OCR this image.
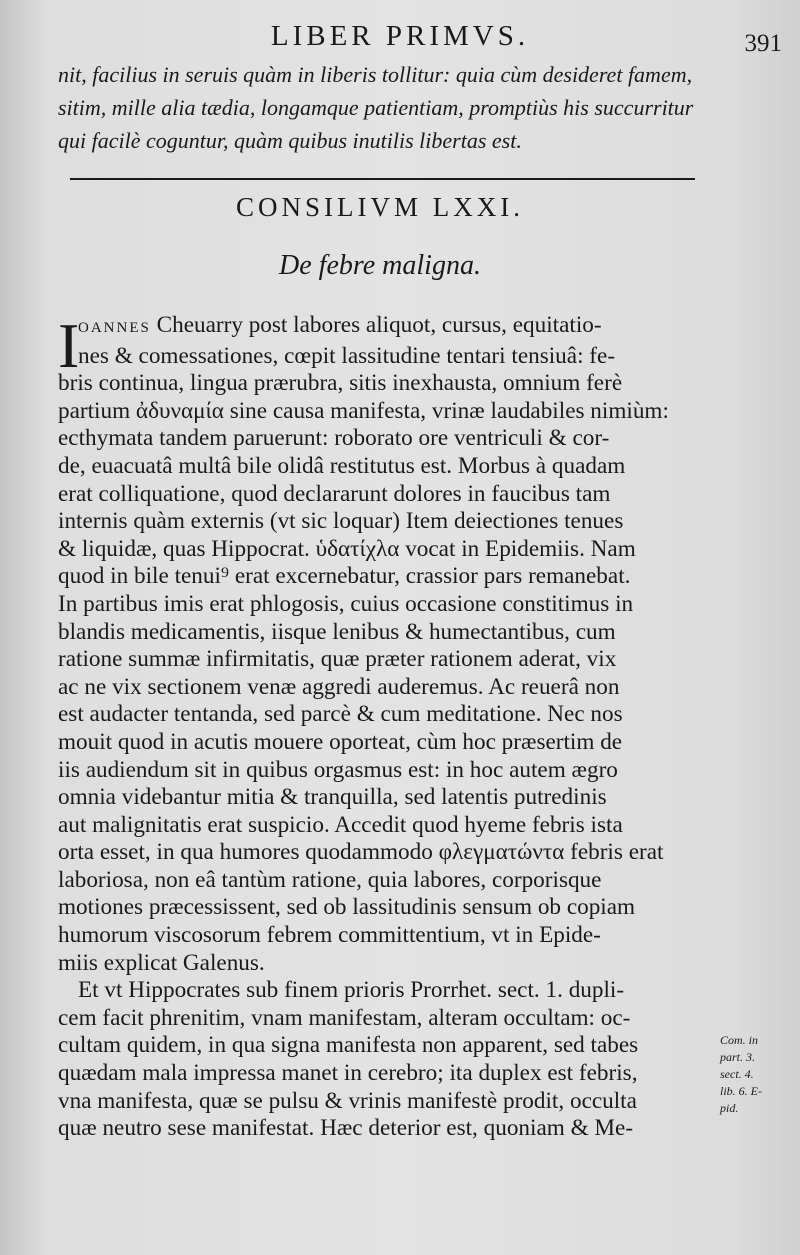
LIBER PRIMVS.	391
nit, facilius in seruis quàm in liberis tollitur: quia cùm desideret famem,
sitim, mille alia tædia, longamque patientiam, promptiùs his succurritur
qui facilè coguntur, quàm quibus inutilis libertas est.
CONSILIVM LXXI.
De febre maligna.
I
OANNES Cheuarry post labores aliquot, cursus, equitatio-
nes & comessationes, cœpit lassitudine tentari tensiuâ: fe-
bris continua, lingua prærubra, sitis inexhausta, omnium ferè
partium ἀδυναμία sine causa manifesta, vrinæ laudabiles nimiùm:
ecthymata tandem paruerunt: roborato ore ventriculi & cor-
de, euacuatâ multâ bile olidâ restitutus est. Morbus à quadam
erat colliquatione, quod declararunt dolores in faucibus tam
internis quàm externis (vt sic loquar) Item deiectiones tenues
& liquidæ, quas Hippocrat. ὑδατίχλα vocat in Epidemiis. Nam
quod in bile tenui⁹ erat excernebatur, crassior pars remanebat.
In partibus imis erat phlogosis, cuius occasione constitimus in
blandis medicamentis, iisque lenibus & humectantibus, cum
ratione summæ infirmitatis, quæ præter rationem aderat, vix
ac ne vix sectionem venæ aggredi auderemus. Ac reuerâ non
est audacter tentanda, sed parcè & cum meditatione. Nec nos
mouit quod in acutis mouere oporteat, cùm hoc præsertim de
iis audiendum sit in quibus orgasmus est: in hoc autem ægro
omnia videbantur mitia & tranquilla, sed latentis putredinis
aut malignitatis erat suspicio. Accedit quod hyeme febris ista
orta esset, in qua humores quodammodo φλεγματώντα febris erat
laboriosa, non eâ tantùm ratione, quia labores, corporisque
motiones præcessissent, sed ob lassitudinis sensum ob copiam
humorum viscosorum febrem committentium, vt in Epide-
miis explicat Galenus.
Et vt Hippocrates sub finem prioris Prorrhet. sect. 1. dupli-
cem facit phrenitim, vnam manifestam, alteram occultam: oc-
cultam quidem, in qua signa manifesta non apparent, sed tabes
quædam mala impressa manet in cerebro; ita duplex est febris,
vna manifesta, quæ se pulsu & vrinis manifestè prodit, occulta
quæ neutro sese manifestat. Hæc deterior est, quoniam & Me-
Com. in
part. 3.
sect. 4.
lib. 6. E-
pid.
